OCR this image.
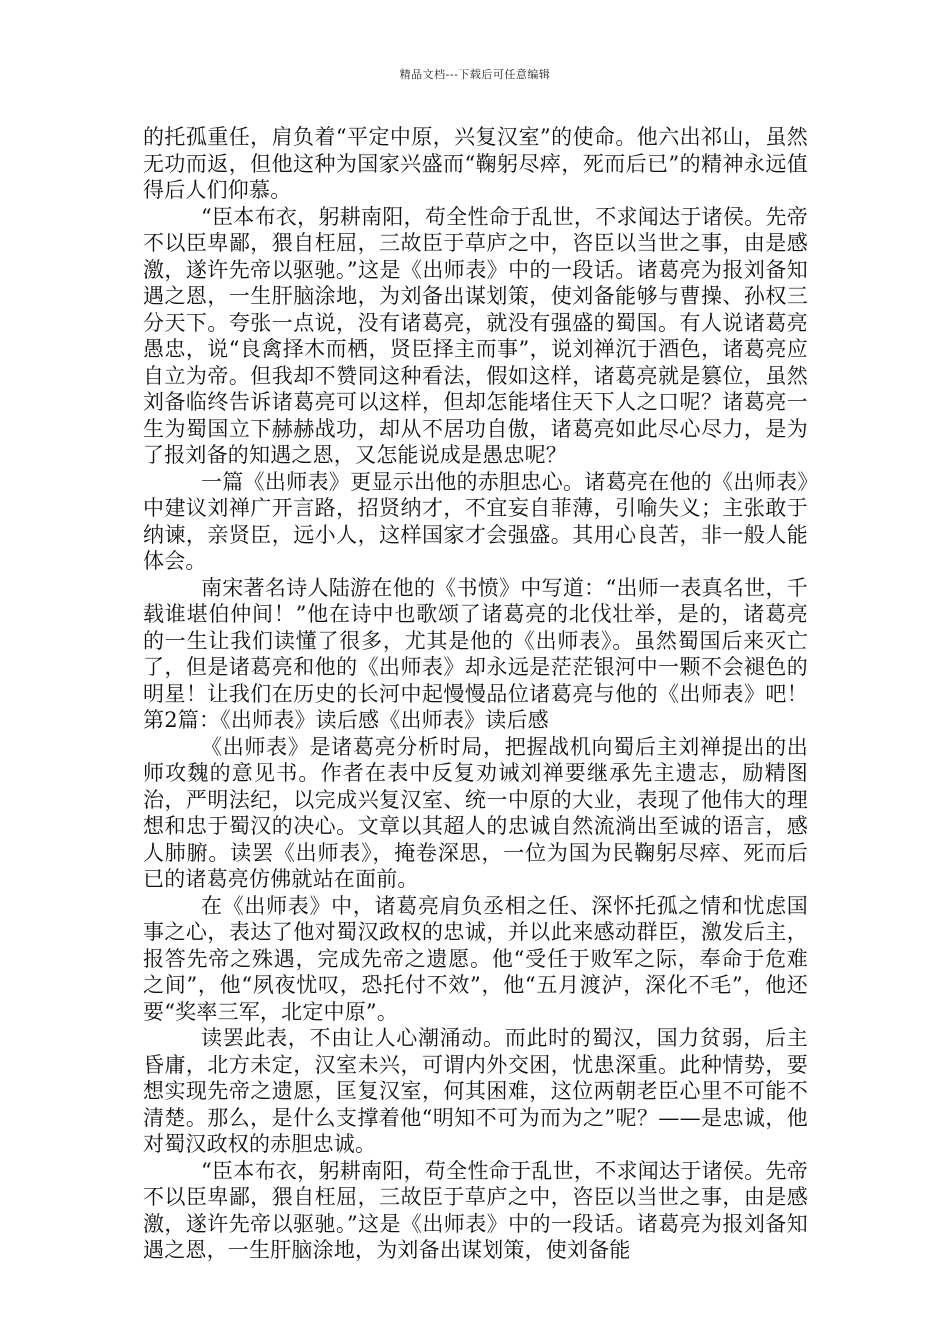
精品文档---下载后可任意编辑

的托孤重任，肩负着“平定中原，兴复汉室”的使命。他六出祁山，虽然无功而返，但他这种为国家兴盛而“鞠躬尽瘁，死而后已”的精神永远值得后人们仰慕。

“臣本布衣，躬耕南阳，苟全性命于乱世，不求闻达于诸侯。先帝不以臣卑鄙，猥自枉屈，三故臣于草庐之中，咨臣以当世之事，由是感激，遂许先帝以驱驰。”这是《出师表》中的一段话。诸葛亮为报刘备知遇之恩，一生肝脑涂地，为刘备出谋划策，使刘备能够与曹操、孙权三分天下。夸张一点说，没有诸葛亮，就没有强盛的蜀国。有人说诸葛亮愚忠，说“良禽择木而栖，贤臣择主而事”，说刘禅沉于酒色，诸葛亮应自立为帝。但我却不赞同这种看法，假如这样，诸葛亮就是篡位，虽然刘备临终告诉诸葛亮可以这样，但却怎能堵住天下人之口呢？诸葛亮一生为蜀国立下赫赫战功，却从不居功自傲，诸葛亮如此尽心尽力，是为了报刘备的知遇之恩，又怎能说成是愚忠呢？

一篇《出师表》更显示出他的赤胆忠心。诸葛亮在他的《出师表》中建议刘禅广开言路，招贤纳才，不宜妄自菲薄，引喻失义；主张敢于纳谏，亲贤臣，远小人，这样国家才会强盛。其用心良苦，非一般人能体会。

南宋著名诗人陆游在他的《书愤》中写道：“出师一表真名世，千载谁堪伯仲间！”他在诗中也歌颂了诸葛亮的北伐壮举，是的，诸葛亮的一生让我们读懂了很多，尤其是他的《出师表》。虽然蜀国后来灭亡了，但是诸葛亮和他的《出师表》却永远是茫茫银河中一颗不会褪色的明星！让我们在历史的长河中起慢慢品位诸葛亮与他的《出师表》吧！第2篇：《出师表》读后感《出师表》读后感

《出师表》是诸葛亮分析时局，把握战机向蜀后主刘禅提出的出师攻魏的意见书。作者在表中反复劝诫刘禅要继承先主遗志，励精图治，严明法纪，以完成兴复汉室、统一中原的大业，表现了他伟大的理想和忠于蜀汉的决心。文章以其超人的忠诚自然流淌出至诚的语言，感人肺腑。读罢《出师表》，掩卷深思，一位为国为民鞠躬尽瘁、死而后已的诸葛亮仿佛就站在面前。

在《出师表》中，诸葛亮肩负丞相之任、深怀托孤之情和忧虑国事之心，表达了他对蜀汉政权的忠诚，并以此来感动群臣，激发后主，报答先帝之殊遇，完成先帝之遗愿。他“受任于败军之际，奉命于危难之间”，他“夙夜忧叹，恐托付不效”，他“五月渡泸，深化不毛”，他还要“奖率三军，北定中原”。

读罢此表，不由让人心潮涌动。而此时的蜀汉，国力贫弱，后主昏庸，北方未定，汉室未兴，可谓内外交困，忧患深重。此种情势，要想实现先帝之遗愿，匡复汉室，何其困难，这位两朝老臣心里不可能不清楚。那么，是什么支撑着他“明知不可为而为之”呢？——是忠诚，他对蜀汉政权的赤胆忠诚。

“臣本布衣，躬耕南阳，苟全性命于乱世，不求闻达于诸侯。先帝不以臣卑鄙，猥自枉屈，三故臣于草庐之中，咨臣以当世之事，由是感激，遂许先帝以驱驰。”这是《出师表》中的一段话。诸葛亮为报刘备知遇之恩，一生肝脑涂地，为刘备出谋划策，使刘备能
